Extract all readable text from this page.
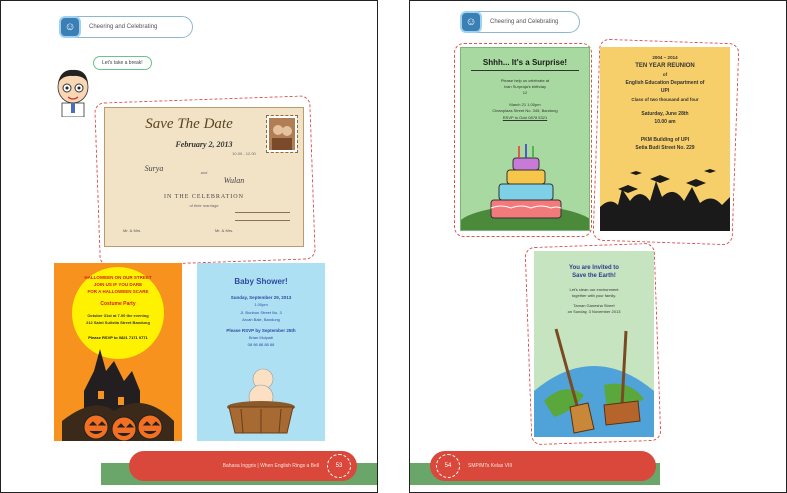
☺	Cheering and Celebrating
Let's take a break!
Save The Date
February 2, 2013
10.00 - 12.00
Surya	and
Wulan
IN THE CELEBRATION
of their marriage
Mr. & Mrs.	Mr. & Mrs.
HALLOWEEN ON OUR STREET
JOIN US IF YOU DARE
FOR A HALLOWEEN SCARE
Costume Party
October 31st at 7.00 the evening
212 Saint Sulistia Street Bandung
Please RSVP to 0821 7171 0771
Baby Shower!
Sunday, September 29, 2013
1.00pm
Jl. Bunbun Street No. 3
Arcah Bale, Bandung
Please RSVP by September 25th
Brian Mulyadi
08 98 88 88 88
Bahasa Inggris | When English Rings a Bell	53
☺	Cheering and Celebrating
Shhh... It's a Surprise!
Please help us celebrate at
Ivan Surpraja's birthday
12
March 21 1.00pm
Cleanplaza Street No. 345, Bandung
RSVP to Ocki 0878 5321
2004 ~ 2014
TEN YEAR REUNION
of
English Education Department of
UPI
Class of two thousand and four
Saturday, June 28th
10.00 am
PKM Building of UPI
Setia Budi Street No. 229
You are Invited to
Save the Earth!
Let's clean our environment
together with your family.
Taman Ganesha Street
on Sunday, 3 November 2013
54	SMP/MTs Kelas VIII
